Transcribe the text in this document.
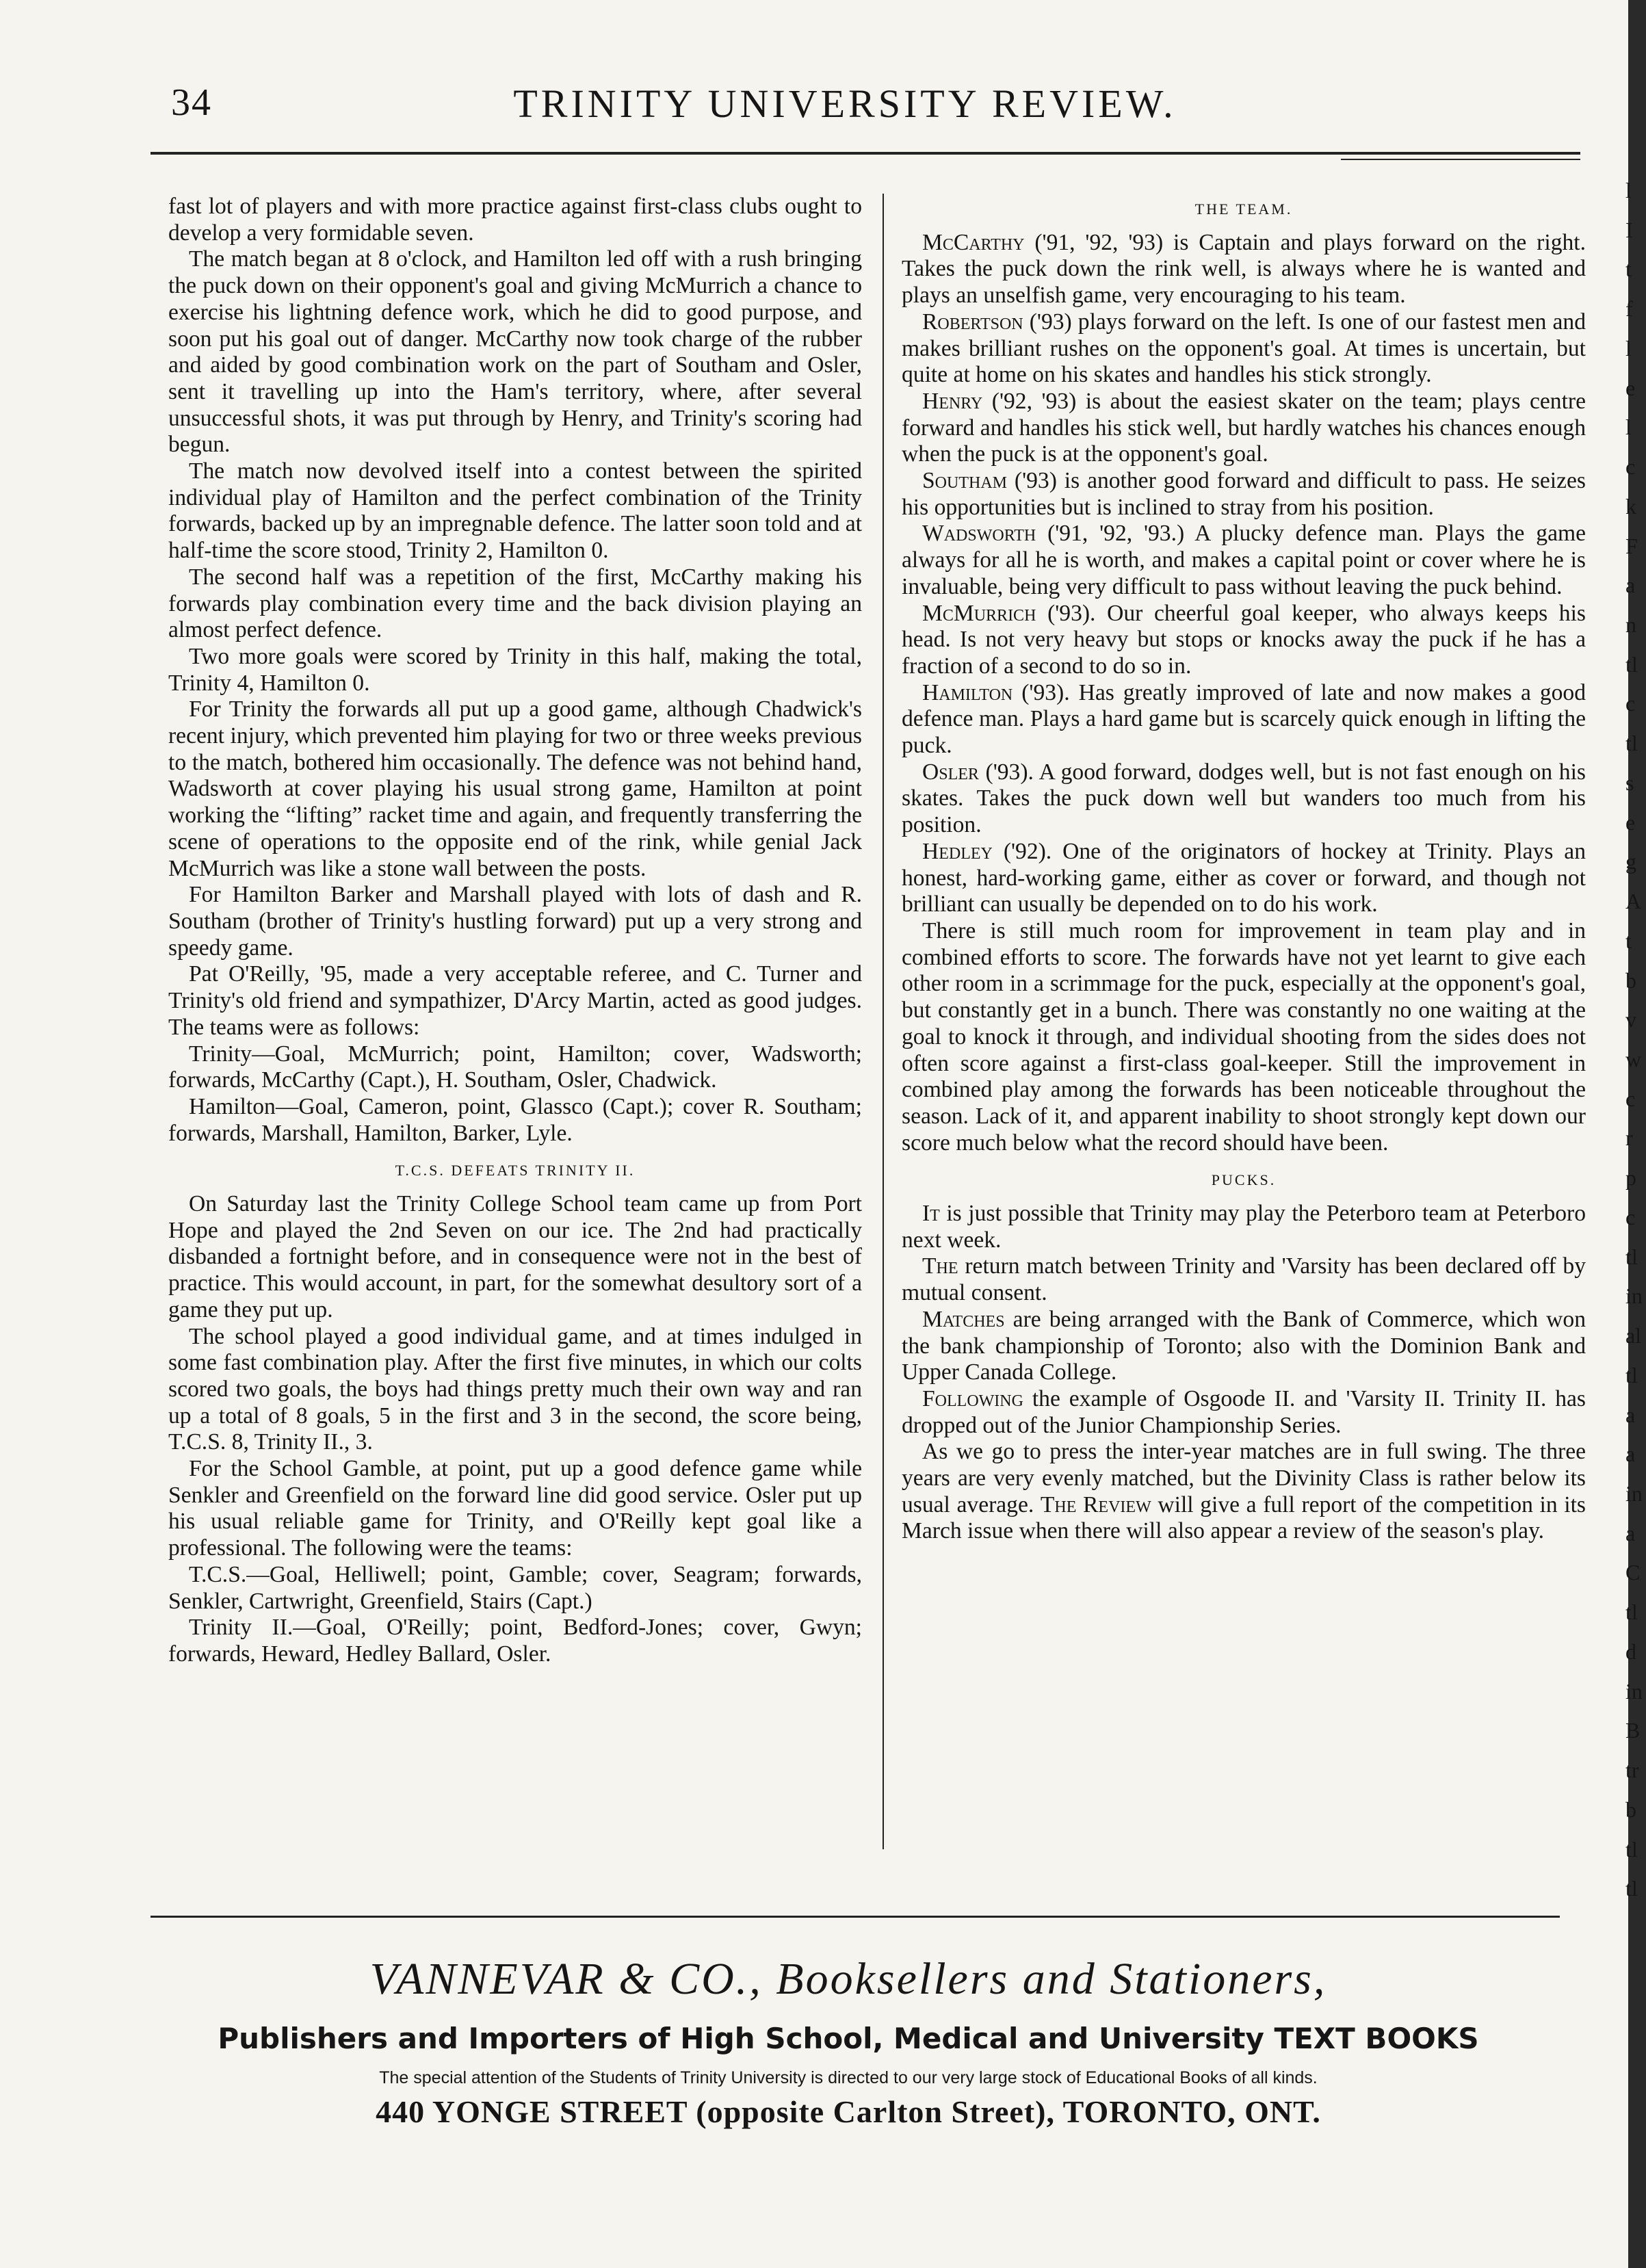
34	TRINITY UNIVERSITY REVIEW.

fast lot of players and with more practice against first-class clubs ought to develop a very formidable seven.

The match began at 8 o'clock, and Hamilton led off with a rush bringing the puck down on their opponent's goal and giving McMurrich a chance to exercise his lightning defence work, which he did to good purpose, and soon put his goal out of danger. McCarthy now took charge of the rubber and aided by good combination work on the part of Southam and Osler, sent it travelling up into the Ham's territory, where, after several unsuccessful shots, it was put through by Henry, and Trinity's scoring had begun.

The match now devolved itself into a contest between the spirited individual play of Hamilton and the perfect combination of the Trinity forwards, backed up by an impregnable defence. The latter soon told and at half-time the score stood, Trinity 2, Hamilton 0.

The second half was a repetition of the first, McCarthy making his forwards play combination every time and the back division playing an almost perfect defence.

Two more goals were scored by Trinity in this half, making the total, Trinity 4, Hamilton 0.

For Trinity the forwards all put up a good game, although Chadwick's recent injury, which prevented him playing for two or three weeks previous to the match, bothered him occasionally. The defence was not behind hand, Wadsworth at cover playing his usual strong game, Hamilton at point working the “lifting” racket time and again, and frequently transferring the scene of operations to the opposite end of the rink, while genial Jack McMurrich was like a stone wall between the posts.

For Hamilton Barker and Marshall played with lots of dash and R. Southam (brother of Trinity's hustling forward) put up a very strong and speedy game.

Pat O'Reilly, '95, made a very acceptable referee, and C. Turner and Trinity's old friend and sympathizer, D'Arcy Martin, acted as good judges. The teams were as follows:

Trinity—Goal, McMurrich; point, Hamilton; cover, Wadsworth; forwards, McCarthy (Capt.), H. Southam, Osler, Chadwick.

Hamilton—Goal, Cameron, point, Glassco (Capt.); cover R. Southam; forwards, Marshall, Hamilton, Barker, Lyle.

T.C.S. DEFEATS TRINITY II.

On Saturday last the Trinity College School team came up from Port Hope and played the 2nd Seven on our ice. The 2nd had practically disbanded a fortnight before, and in consequence were not in the best of practice. This would account, in part, for the somewhat desultory sort of a game they put up.

The school played a good individual game, and at times indulged in some fast combination play. After the first five minutes, in which our colts scored two goals, the boys had things pretty much their own way and ran up a total of 8 goals, 5 in the first and 3 in the second, the score being, T.C.S. 8, Trinity II., 3.

For the School Gamble, at point, put up a good defence game while Senkler and Greenfield on the forward line did good service. Osler put up his usual reliable game for Trinity, and O'Reilly kept goal like a professional. The following were the teams:

T.C.S.—Goal, Helliwell; point, Gamble; cover, Seagram; forwards, Senkler, Cartwright, Greenfield, Stairs (Capt.)

Trinity II.—Goal, O'Reilly; point, Bedford-Jones; cover, Gwyn; forwards, Heward, Hedley Ballard, Osler.

THE TEAM.

McCarthy ('91, '92, '93) is Captain and plays forward on the right. Takes the puck down the rink well, is always where he is wanted and plays an unselfish game, very encouraging to his team.

Robertson ('93) plays forward on the left. Is one of our fastest men and makes brilliant rushes on the opponent's goal. At times is uncertain, but quite at home on his skates and handles his stick strongly.

Henry ('92, '93) is about the easiest skater on the team; plays centre forward and handles his stick well, but hardly watches his chances enough when the puck is at the opponent's goal.

Southam ('93) is another good forward and difficult to pass. He seizes his opportunities but is inclined to stray from his position.

Wadsworth ('91, '92, '93.) A plucky defence man. Plays the game always for all he is worth, and makes a capital point or cover where he is invaluable, being very difficult to pass without leaving the puck behind.

McMurrich ('93). Our cheerful goal keeper, who always keeps his head. Is not very heavy but stops or knocks away the puck if he has a fraction of a second to do so in.

Hamilton ('93). Has greatly improved of late and now makes a good defence man. Plays a hard game but is scarcely quick enough in lifting the puck.

Osler ('93). A good forward, dodges well, but is not fast enough on his skates. Takes the puck down well but wanders too much from his position.

Hedley ('92). One of the originators of hockey at Trinity. Plays an honest, hard-working game, either as cover or forward, and though not brilliant can usually be depended on to do his work.

There is still much room for improvement in team play and in combined efforts to score. The forwards have not yet learnt to give each other room in a scrimmage for the puck, especially at the opponent's goal, but constantly get in a bunch. There was constantly no one waiting at the goal to knock it through, and individual shooting from the sides does not often score against a first-class goal-keeper. Still the improvement in combined play among the forwards has been noticeable throughout the season. Lack of it, and apparent inability to shoot strongly kept down our score much below what the record should have been.

PUCKS.

It is just possible that Trinity may play the Peterboro team at Peterboro next week.

The return match between Trinity and 'Varsity has been declared off by mutual consent.

Matches are being arranged with the Bank of Commerce, which won the bank championship of Toronto; also with the Dominion Bank and Upper Canada College.

Following the example of Osgoode II. and 'Varsity II. Trinity II. has dropped out of the Junior Championship Series.

As we go to press the inter-year matches are in full swing. The three years are very evenly matched, but the Divinity Class is rather below its usual average. The Review will give a full report of the competition in its March issue when there will also appear a review of the season's play.

VANNEVAR & CO., Booksellers and Stationers,
Publishers and Importers of High School, Medical and University TEXT BOOKS
The special attention of the Students of Trinity University is directed to our very large stock of Educational Books of all kinds.
440 YONGE STREET (opposite Carlton Street), TORONTO, ONT.
l
I
t
f
l
e
l
c
k
F
a
n
tl
c
tl
s
e
g
A
t
b
v
w
c
r
p
c
tl
in
al
tl
a
a
in
a
C
tl
d
in
B
tr
b
tl
tl
